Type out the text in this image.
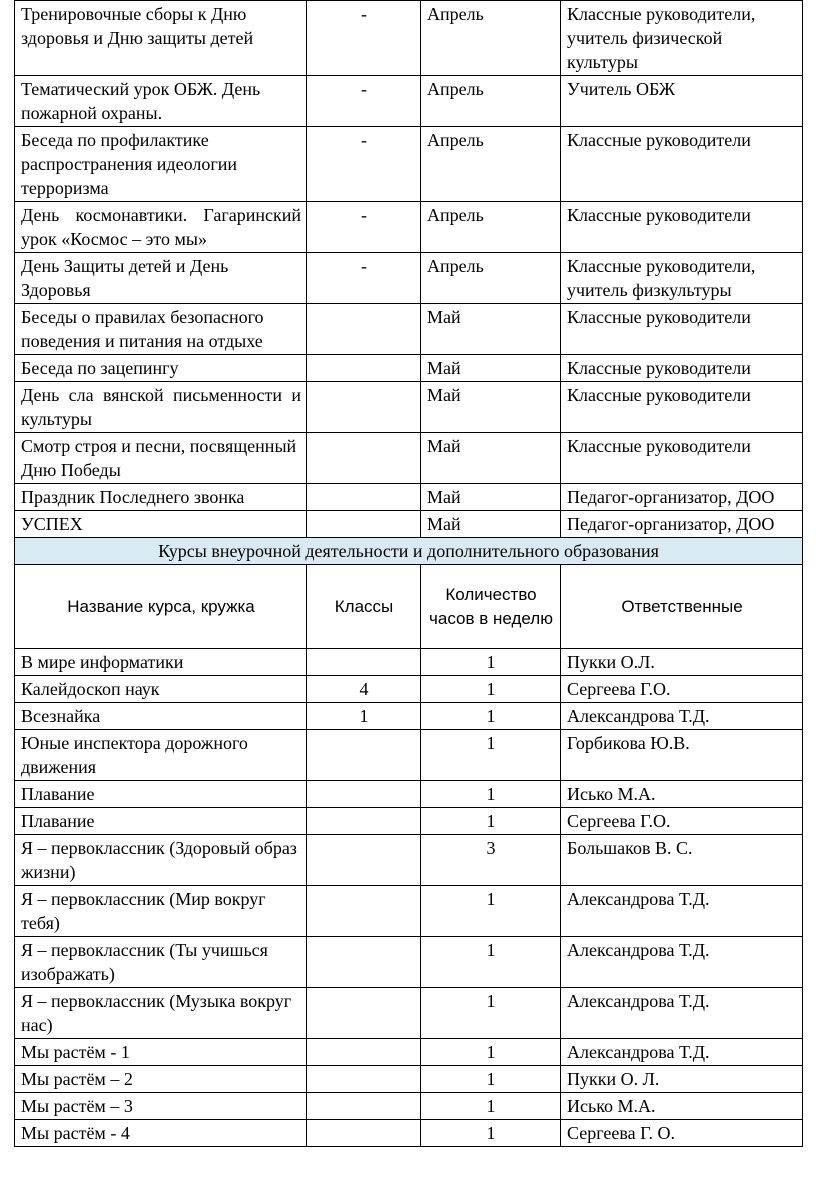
Тренировочные сборы к Дню здоровья и Дню защиты детей	-	Апрель	Классные руководители, учитель физической культуры
Тематический урок ОБЖ. День пожарной охраны.	-	Апрель	Учитель ОБЖ
Беседа по профилактике распространения идеологии терроризма	-	Апрель	Классные руководители
День космонавтики. Гагаринский урок «Космос – это мы»	-	Апрель	Классные руководители
День Защиты детей и День Здоровья	-	Апрель	Классные руководители, учитель физкультуры
Беседы о правилах безопасного поведения и питания на отдыхе		Май	Классные руководители
Беседа по зацепингу		Май	Классные руководители
День сла вянской письменности и культуры		Май	Классные руководители
Смотр строя и песни, посвященный Дню Победы		Май	Классные руководители
Праздник Последнего звонка		Май	Педагог-организатор, ДОО
УСПЕХ		Май	Педагог-организатор, ДОО
Курсы внеурочной деятельности и дополнительного образования			
Название курса, кружка	Классы	Количество часов в неделю	Ответственные
В мире информатики		1	Пукки О.Л.
Калейдоскоп наук	4	1	Сергеева Г.О.
Всезнайка	1	1	Александрова Т.Д.
Юные инспектора дорожного движения		1	Горбикова Ю.В.
Плавание		1	Исько М.А.
Плавание		1	Сергеева Г.О.
Я – первоклассник (Здоровый образ жизни)		3	Большаков В. С.
Я – первоклассник (Мир вокруг тебя)		1	Александрова Т.Д.
Я – первоклассник (Ты учишься изображать)		1	Александрова Т.Д.
Я – первоклассник (Музыка вокруг нас)		1	Александрова Т.Д.
Мы растём - 1		1	Александрова Т.Д.
Мы растём – 2		1	Пукки О. Л.
Мы растём – 3		1	Исько М.А.
Мы растём - 4		1	Сергеева Г. О.
